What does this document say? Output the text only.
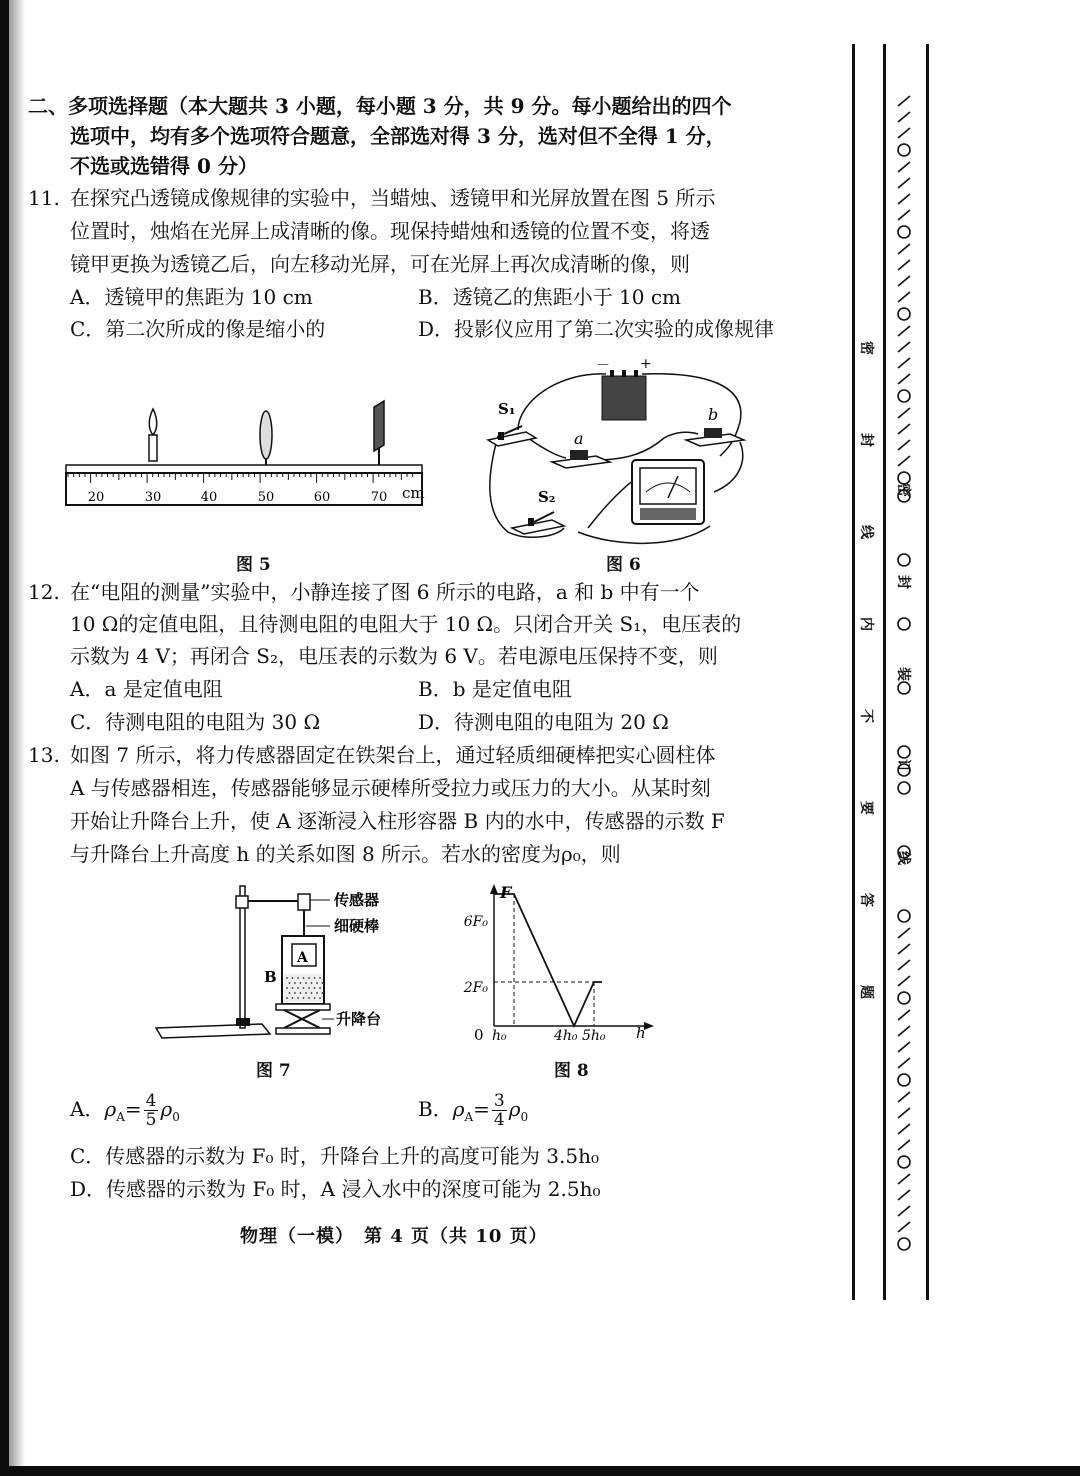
二、多项选择题（本大题共 3 小题，每小题 3 分，共 9 分。每小题给出的四个
选项中，均有多个选项符合题意，全部选对得 3 分，选对但不全得 1 分，
不选或选错得 0 分）
11. 在探究凸透镜成像规律的实验中，当蜡烛、透镜甲和光屏放置在图 5 所示
位置时，烛焰在光屏上成清晰的像。现保持蜡烛和透镜的位置不变，将透
镜甲更换为透镜乙后，向左移动光屏，可在光屏上再次成清晰的像，则
A．透镜甲的焦距为 10 cm	B．透镜乙的焦距小于 10 cm
C．第二次所成的像是缩小的	D．投影仪应用了第二次实验的成像规律
20	30	40	50	60	70 cm
图 5
－ +
S₁
a
b
S₂
图 6
12. 在“电阻的测量”实验中，小静连接了图 6 所示的电路，a 和 b 中有一个
10 Ω的定值电阻，且待测电阻的电阻大于 10 Ω。只闭合开关 S₁，电压表的
示数为 4 V；再闭合 S₂，电压表的示数为 6 V。若电源电压保持不变，则
A．a 是定值电阻	B．b 是定值电阻
C．待测电阻的电阻为 30 Ω	D．待测电阻的电阻为 20 Ω
13. 如图 7 所示，将力传感器固定在铁架台上，通过轻质细硬棒把实心圆柱体
A 与传感器相连，传感器能够显示硬棒所受拉力或压力的大小。从某时刻
开始让升降台上升，使 A 逐渐浸入柱形容器 B 内的水中，传感器的示数 F
与升降台上升高度 h 的关系如图 8 所示。若水的密度为ρ₀，则
A
B
传感器
细硬棒
升降台
图 7
F
h
6F₀
2F₀
0 h₀	4h₀ 5h₀
图 8
A．$\rho_A= \frac{4}{5} \rho_0$	B．$\rho_A= \frac{3}{4} \rho_0$
C．传感器的示数为 F₀ 时，升降台上升的高度可能为 3.5h₀
D．传感器的示数为 F₀ 时，A 浸入水中的深度可能为 2.5h₀
物理（一模）　第 4 页（共 10 页）
密
封
线
内
不
要
答
题
密
封
装
订
线
